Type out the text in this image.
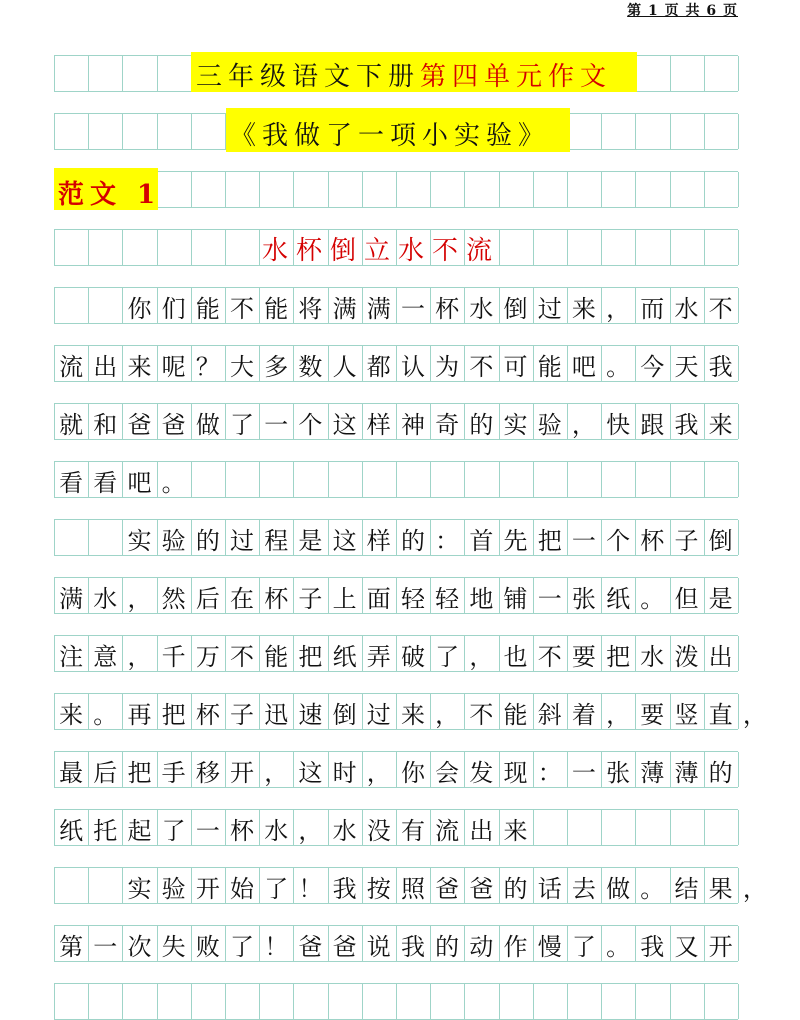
第 1 页 共 6 页
三年级语文下册第四单元作文
《我做了一项小实验》
范文 1
水杯倒立水不流
你 们 能 不 能 将 满 满 一 杯 水 倒 过 来 ， 而 水 不
流 出 来 呢 ？ 大 多 数 人 都 认 为 不 可 能 吧 。 今 天 我
就 和 爸 爸 做 了 一 个 这 样 神 奇 的 实 验 ， 快 跟 我 来
看 看 吧 。
实 验 的 过 程 是 这 样 的 ： 首 先 把 一 个 杯 子 倒
满 水 ， 然 后 在 杯 子 上 面 轻 轻 地 铺 一 张 纸 。 但 是
注 意 ， 千 万 不 能 把 纸 弄 破 了 ， 也 不 要 把 水 泼 出
来 。 再 把 杯 子 迅 速 倒 过 来 ， 不 能 斜 着 ， 要 竖 直 ，
最 后 把 手 移 开 ， 这 时 ， 你 会 发 现 ： 一 张 薄 薄 的
纸 托 起 了 一 杯 水 ， 水 没 有 流 出 来
实 验 开 始 了 ！ 我 按 照 爸 爸 的 话 去 做 。 结 果 ，
第 一 次 失 败 了 ！ 爸 爸 说 我 的 动 作 慢 了 。 我 又 开
